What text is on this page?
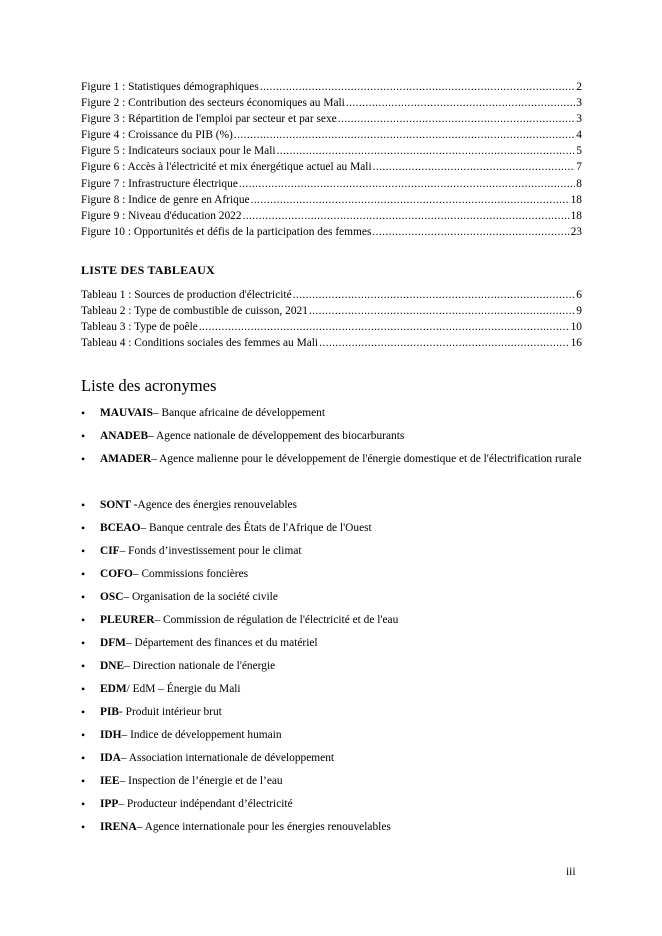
Figure 1 : Statistiques démographiques .....	2
Figure 2 : Contribution des secteurs économiques au Mali .....	3
Figure 3 : Répartition de l'emploi par secteur et par sexe .....	3
Figure 4 : Croissance du PIB (%) .....	4
Figure 5 : Indicateurs sociaux pour le Mali .....	5
Figure 6 : Accès à l'électricité et mix énergétique actuel au Mali .....	7
Figure 7 : Infrastructure électrique .....	8
Figure 8 : Indice de genre en Afrique .....	18
Figure 9 : Niveau d'éducation 2022 .....	18
Figure 10 : Opportunités et défis de la participation des femmes .....	23
LISTE DES TABLEAUX
Tableau 1 : Sources de production d'électricité .....	6
Tableau 2 : Type de combustible de cuisson, 2021 .....	9
Tableau 3 : Type de poêle .....	10
Tableau 4 : Conditions sociales des femmes au Mali .....	16
Liste des acronymes
•	MAUVAIS– Banque africaine de développement
•	ANADEB– Agence nationale de développement des biocarburants
•	AMADER– Agence malienne pour le développement de l'énergie domestique et de l'électrification rurale
•	SONT -Agence des énergies renouvelables
•	BCEAO– Banque centrale des États de l'Afrique de l'Ouest
•	CIF– Fonds d’investissement pour le climat
•	COFO– Commissions foncières
•	OSC– Organisation de la société civile
•	PLEURER– Commission de régulation de l'électricité et de l'eau
•	DFM– Département des finances et du matériel
•	DNE– Direction nationale de l'énergie
•	EDM/ EdM – Énergie du Mali
•	PIB- Produit intérieur brut
•	IDH– Indice de développement humain
•	IDA– Association internationale de développement
•	IEE– Inspection de l’énergie et de l’eau
•	IPP– Producteur indépendant d’électricité
•	IRENA– Agence internationale pour les énergies renouvelables
iii
